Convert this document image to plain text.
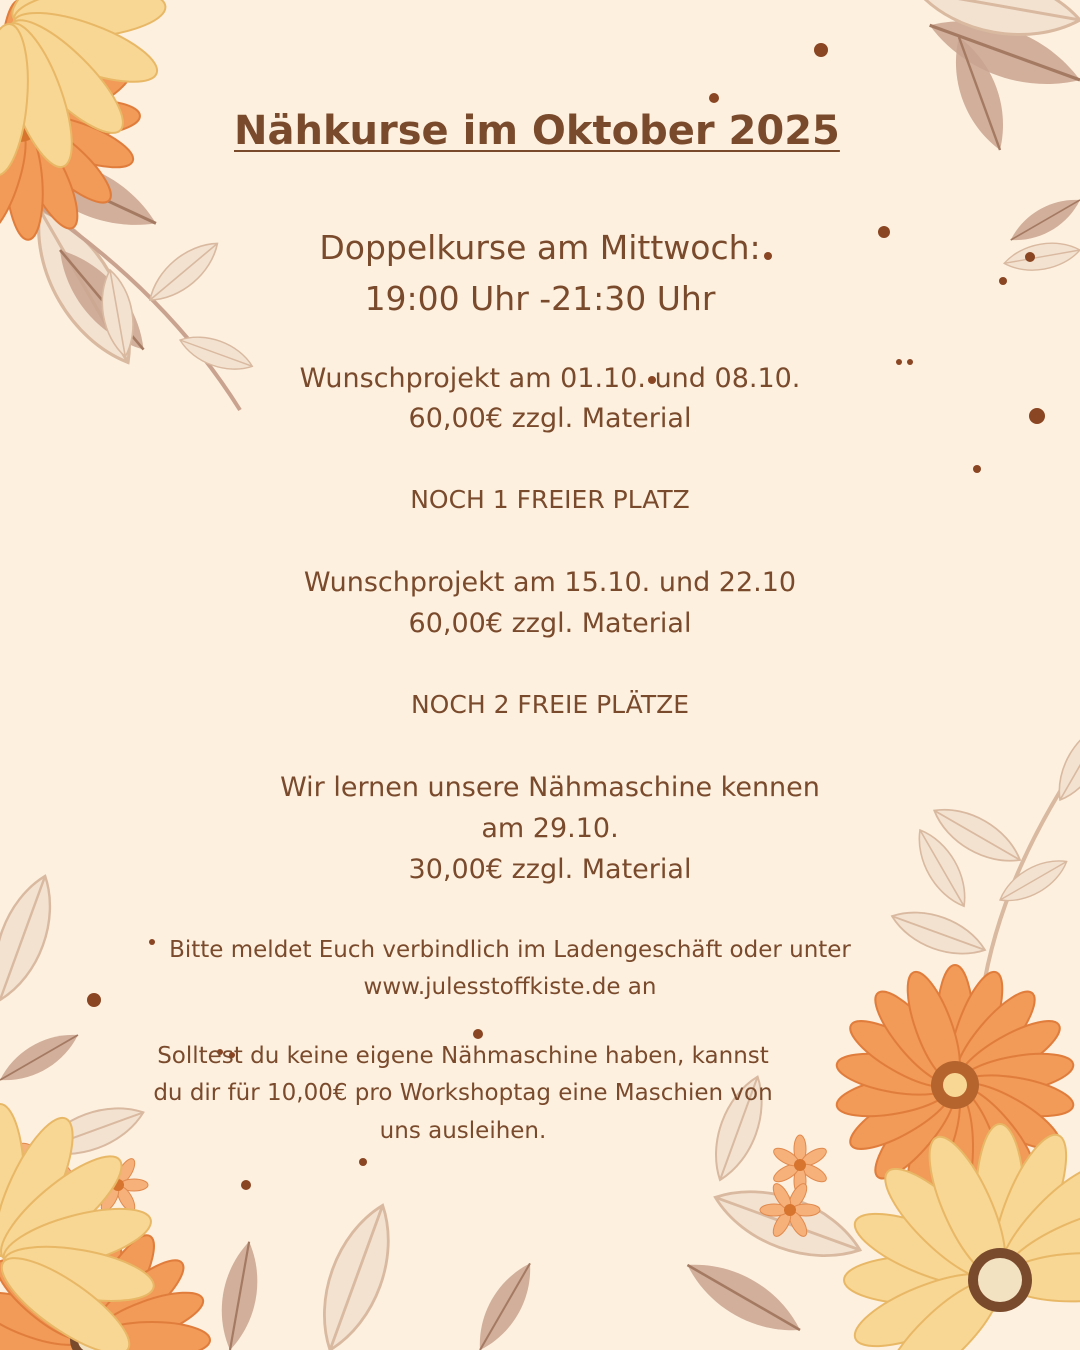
Nähkurse im Oktober 2025

Doppelkurse am Mittwoch:

19:00 Uhr -21:30 Uhr

Wunschprojekt am 01.10. und 08.10.

60,00€ zzgl. Material

NOCH 1 FREIER PLATZ

Wunschprojekt am 15.10. und 22.10

60,00€ zzgl. Material

NOCH 2 FREIE PLÄTZE

Wir lernen unsere Nähmaschine kennen

am 29.10.

30,00€ zzgl. Material

Bitte meldet Euch verbindlich im Ladengeschäft oder unter

www.julesstoffkiste.de an

Solltest du keine eigene Nähmaschine haben, kannst

du dir für 10,00€ pro Workshoptag eine Maschien von

uns ausleihen.
